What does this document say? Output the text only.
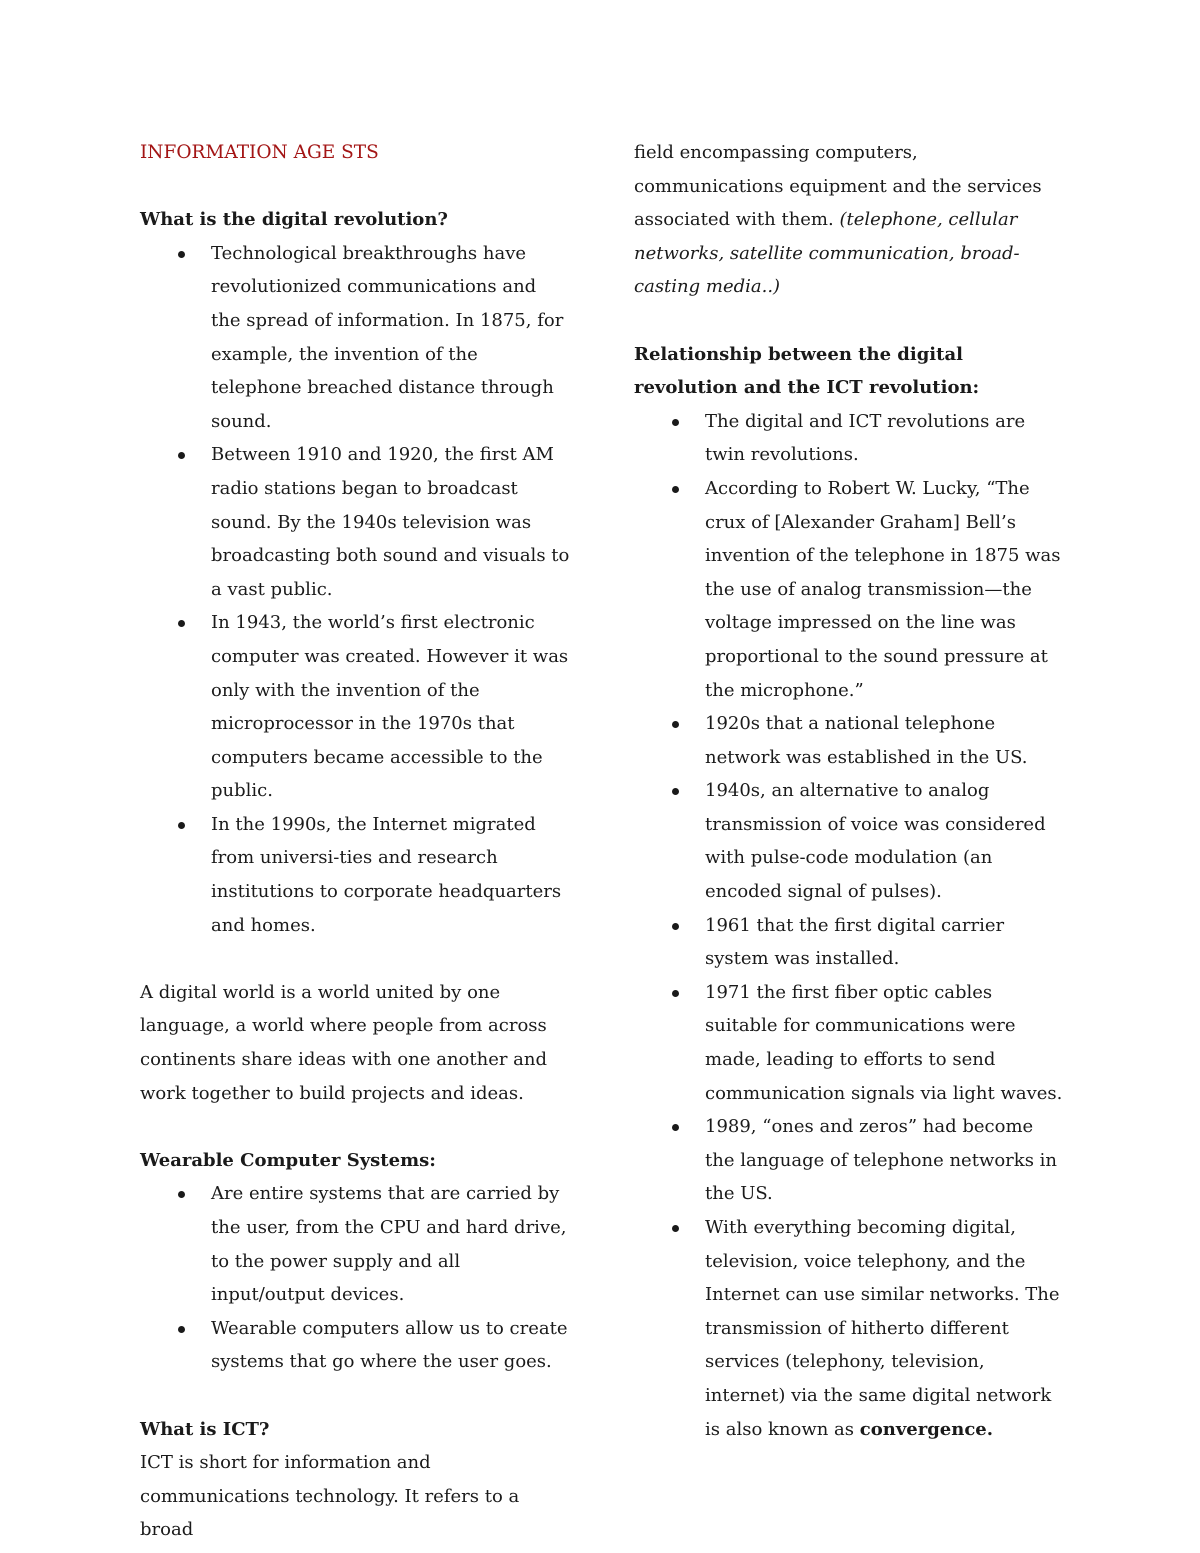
INFORMATION AGE STS

What is the digital revolution?

Technological breakthroughs have revolutionized communications and the spread of information. In 1875, for example, the invention of the telephone breached distance through sound.
Between 1910 and 1920, the first AM radio stations began to broadcast sound. By the 1940s television was broadcasting both sound and visuals to a vast public.
In 1943, the world’s first electronic computer was created. However it was only with the invention of the microprocessor in the 1970s that computers became accessible to the public.
In the 1990s, the Internet migrated from universi-ties and research institutions to corporate headquarters and homes.

A digital world is a world united by one language, a world where people from across continents share ideas with one another and work together to build projects and ideas.

Wearable Computer Systems:

Are entire systems that are carried by the user, from the CPU and hard drive, to the power supply and all input/output devices.
Wearable computers allow us to create systems that go where the user goes.

What is ICT?

ICT is short for information and communications technology. It refers to a broad

field encompassing computers, communications equipment and the services associated with them. (telephone, cellular networks, satellite communication, broad-casting media..)

Relationship between the digital revolution and the ICT revolution:

The digital and ICT revolutions are twin revolutions.
According to Robert W. Lucky, “The crux of [Alexander Graham] Bell’s invention of the telephone in 1875 was the use of analog transmission—the voltage impressed on the line was proportional to the sound pressure at the microphone.”
1920s that a national telephone network was established in the US.
1940s, an alternative to analog transmission of voice was considered with pulse-code modulation (an encoded signal of pulses).
1961 that the first digital carrier system was installed.
1971 the first fiber optic cables suitable for communications were made, leading to efforts to send communication signals via light waves.
1989, “ones and zeros” had become the language of telephone networks in the US.
With everything becoming digital, television, voice telephony, and the Internet can use similar networks. The transmission of hitherto different services (telephony, television, internet) via the same digital network is also known as convergence.
